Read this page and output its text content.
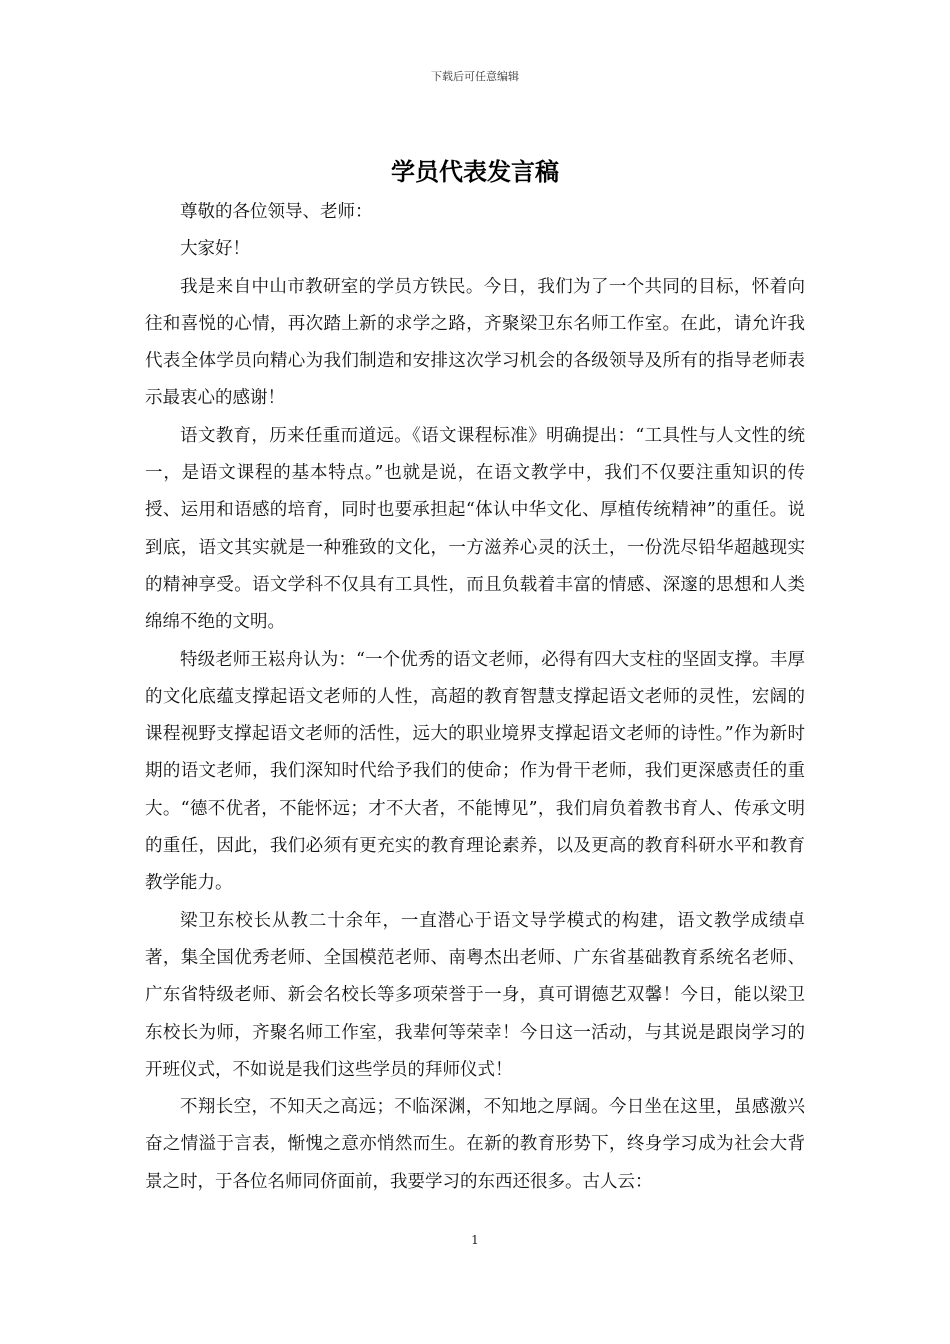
下载后可任意编辑
学员代表发言稿

尊敬的各位领导、老师：

大家好！

我是来自中山市教研室的学员方铁民。今日，我们为了一个共同的目标，怀着向往和喜悦的心情，再次踏上新的求学之路，齐聚梁卫东名师工作室。在此，请允许我代表全体学员向精心为我们制造和安排这次学习机会的各级领导及所有的指导老师表示最衷心的感谢！

语文教育，历来任重而道远。《语文课程标准》明确提出：“工具性与人文性的统一，是语文课程的基本特点。”也就是说，在语文教学中，我们不仅要注重知识的传授、运用和语感的培育，同时也要承担起“体认中华文化、厚植传统精神”的重任。说到底，语文其实就是一种雅致的文化，一方滋养心灵的沃土，一份洗尽铅华超越现实的精神享受。语文学科不仅具有工具性，而且负载着丰富的情感、深邃的思想和人类绵绵不绝的文明。

特级老师王崧舟认为：“一个优秀的语文老师，必得有四大支柱的坚固支撑。丰厚的文化底蕴支撑起语文老师的人性，高超的教育智慧支撑起语文老师的灵性，宏阔的课程视野支撑起语文老师的活性，远大的职业境界支撑起语文老师的诗性。”作为新时期的语文老师，我们深知时代给予我们的使命；作为骨干老师，我们更深感责任的重大。“德不优者，不能怀远；才不大者，不能博见”，我们肩负着教书育人、传承文明的重任，因此，我们必须有更充实的教育理论素养，以及更高的教育科研水平和教育教学能力。

梁卫东校长从教二十余年，一直潜心于语文导学模式的构建，语文教学成绩卓著，集全国优秀老师、全国模范老师、南粤杰出老师、广东省基础教育系统名老师、广东省特级老师、新会名校长等多项荣誉于一身，真可谓德艺双馨！今日，能以梁卫东校长为师，齐聚名师工作室，我辈何等荣幸！今日这一活动，与其说是跟岗学习的开班仪式，不如说是我们这些学员的拜师仪式！

不翔长空，不知天之高远；不临深渊，不知地之厚阔。今日坐在这里，虽感激兴奋之情溢于言表，惭愧之意亦悄然而生。在新的教育形势下，终身学习成为社会大背景之时，于各位名师同侪面前，我要学习的东西还很多。古人云：

1
